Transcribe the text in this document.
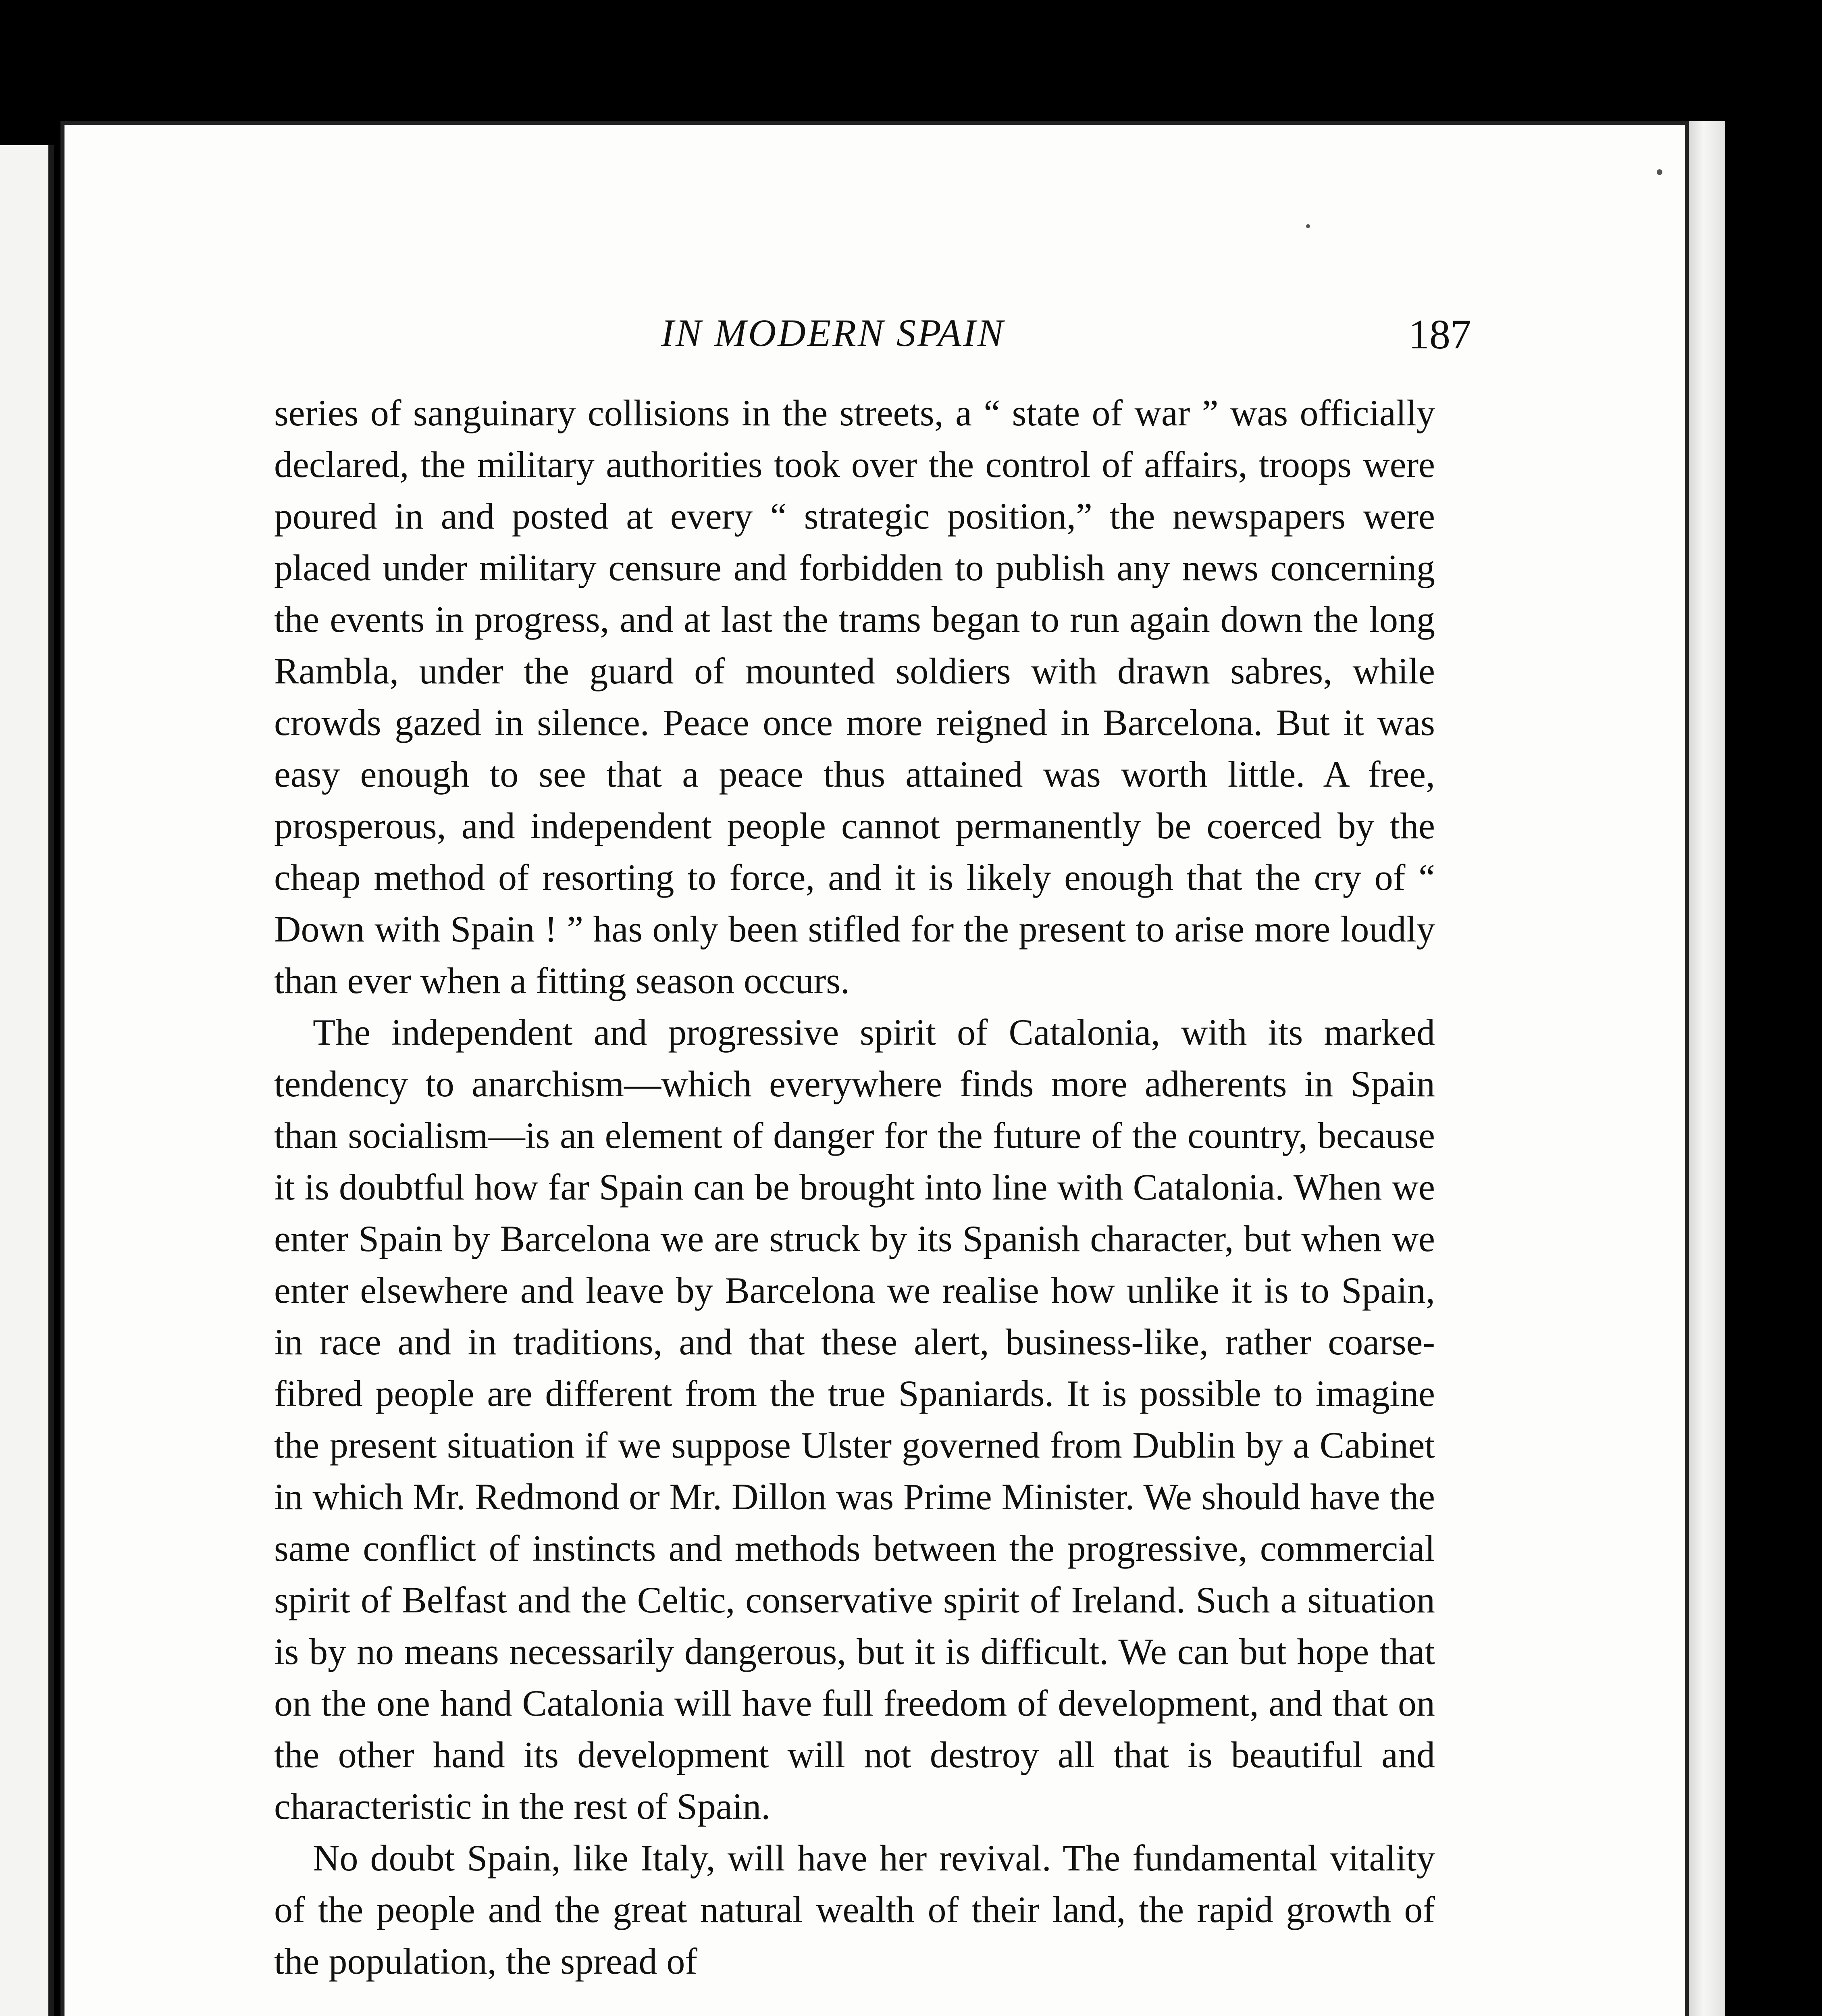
IN MODERN SPAIN	187

series of sanguinary collisions in the streets, a “ state of war ” was officially declared, the military authorities took over the control of affairs, troops were poured in and posted at every “ strategic position,” the newspapers were placed under military censure and forbidden to publish any news concerning the events in progress, and at last the trams began to run again down the long Rambla, under the guard of mounted soldiers with drawn sabres, while crowds gazed in silence. Peace once more reigned in Barcelona. But it was easy enough to see that a peace thus attained was worth little. A free, prosperous, and independent people cannot permanently be coerced by the cheap method of resorting to force, and it is likely enough that the cry of “ Down with Spain ! ” has only been stifled for the present to arise more loudly than ever when a fitting season occurs.

The independent and progressive spirit of Catalonia, with its marked tendency to anarchism—which everywhere finds more adherents in Spain than socialism—is an element of danger for the future of the country, because it is doubtful how far Spain can be brought into line with Catalonia. When we enter Spain by Barcelona we are struck by its Spanish character, but when we enter elsewhere and leave by Barcelona we realise how unlike it is to Spain, in race and in traditions, and that these alert, business-like, rather coarse-fibred people are different from the true Spaniards. It is possible to imagine the present situation if we suppose Ulster governed from Dublin by a Cabinet in which Mr. Redmond or Mr. Dillon was Prime Minister. We should have the same conflict of instincts and methods between the progressive, commercial spirit of Belfast and the Celtic, conservative spirit of Ireland. Such a situation is by no means necessarily dangerous, but it is difficult. We can but hope that on the one hand Catalonia will have full freedom of development, and that on the other hand its development will not destroy all that is beautiful and characteristic in the rest of Spain.

No doubt Spain, like Italy, will have her revival. The fundamental vitality of the people and the great natural wealth of their land, the rapid growth of the population, the spread of
